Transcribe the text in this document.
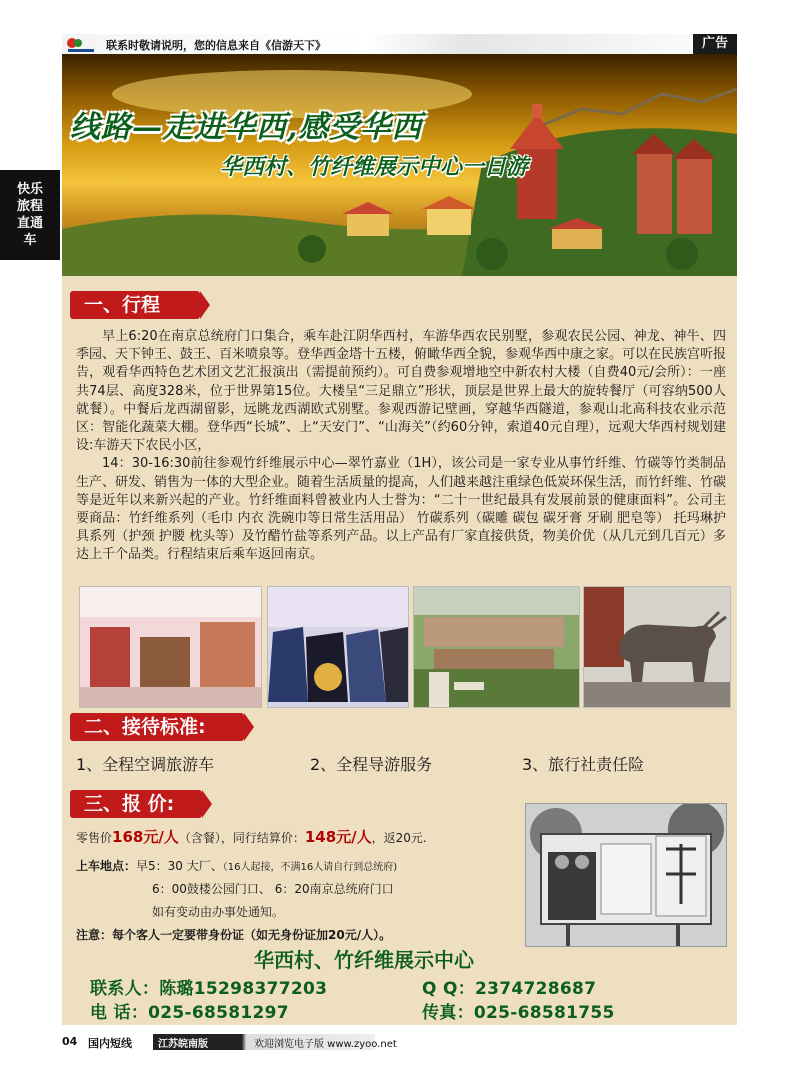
联系时敬请说明，您的信息来自《信游天下》	广告
快乐
旅程
直通
车
线路—走进华西,感受华西
华西村、竹纤维展示中心一日游
一、行程

早上6:20在南京总统府门口集合，乘车赴江阴华西村，车游华西农民别墅，参观农民公园、神龙、神牛、四季园、天下钟王、鼓王、百米喷泉等。登华西金塔十五楼，俯瞰华西全貌，参观华西中康之家。可以在民族宫听报告，观看华西特色艺术团文艺汇报演出（需提前预约）。可自费参观增地空中新农村大楼（自费40元/会所）：一座共74层、高度328米，位于世界第15位。大楼呈“三足鼎立”形状，顶层是世界上最大的旋转餐厅（可容纳500人就餐）。中餐后龙西湖留影，远眺龙西湖欧式别墅。参观西游记壁画，穿越华西隧道，参观山北高科技农业示范区：智能化蔬菜大棚。登华西“长城”、上“天安门”、“山海关”（约60分钟，索道40元自理），远观大华西村规划建设:车游天下农民小区，

14：30-16:30前往参观竹纤维展示中心—翠竹嘉业（1H），该公司是一家专业从事竹纤维、竹碳等竹类制品生产、研发、销售为一体的大型企业。随着生活质量的提高，人们越来越注重绿色低炭环保生活，而竹纤维、竹碳等是近年以来新兴起的产业。竹纤维面料曾被业内人士誉为：“二十一世纪最具有发展前景的健康面料”。公司主要商品：竹纤维系列（毛巾 内衣 洗碗巾等日常生活用品） 竹碳系列（碳雕 碳包 碳牙膏 牙刷 肥皂等） 托玛琳护具系列（护颈 护腰 枕头等）及竹醋竹盐等系列产品。以上产品有厂家直接供货，物美价优（从几元到几百元）多达上千个品类。行程结束后乘车返回南京。

二、接待标准:
1、全程空调旅游车	2、全程导游服务	3、旅行社责任险
三、报 价:
零售价168元/人（含餐），同行结算价：148元/人，返20元.
上车地点：早5：30 大厂、（16人起接，不满16人请自行到总统府)
6：00鼓楼公园门口、 6：20南京总统府门口
如有变动由办事处通知。
注意：每个客人一定要带身份证（如无身份证加20元/人）。
华西村、竹纤维展示中心
联系人：陈璐15298377203	Q Q：2374728687
电 话：025-68581297	传真：025-68581755
04 国内短线	江苏皖南版	欢迎浏览电子版 www.zyoo.net
